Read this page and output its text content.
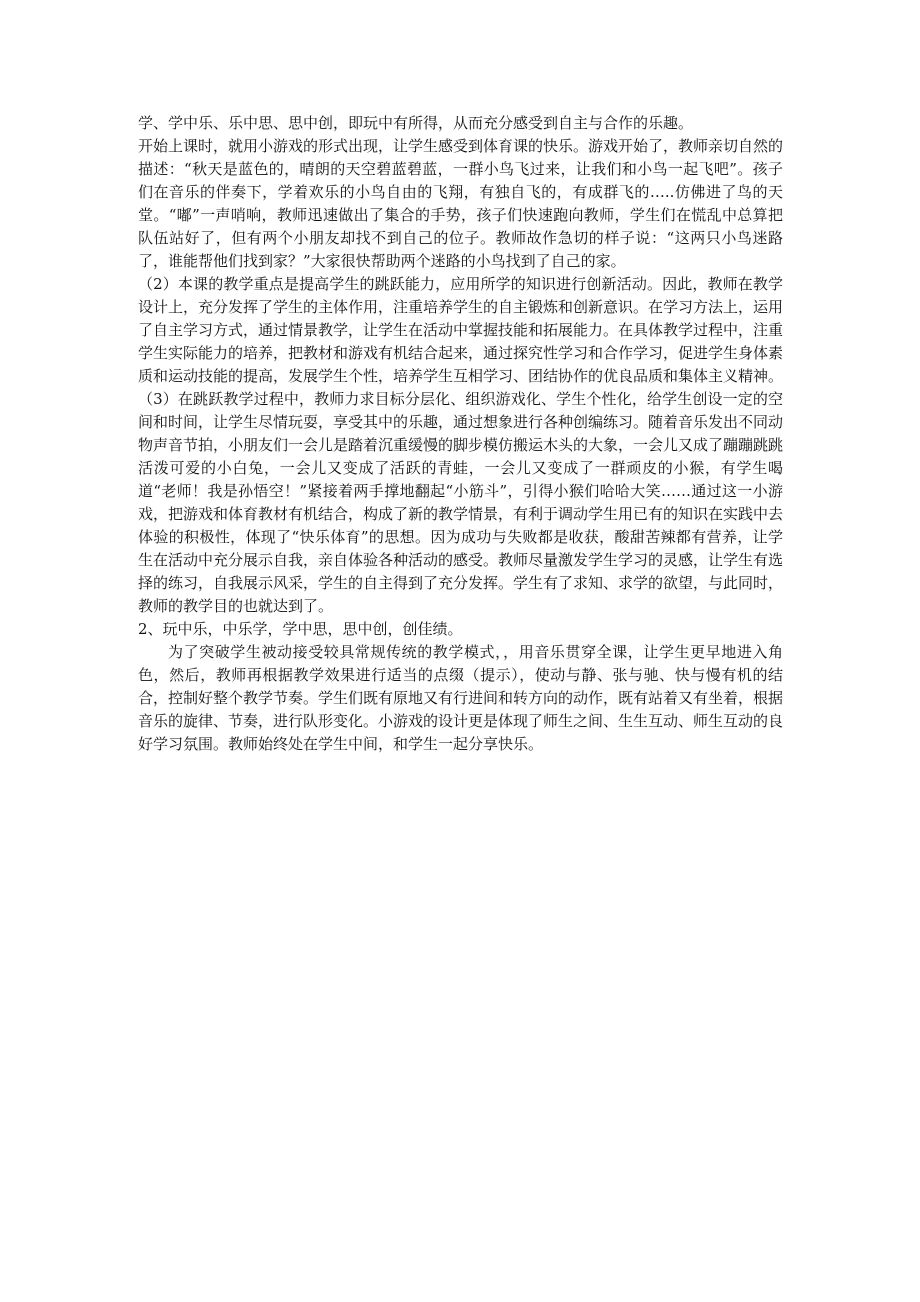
学、学中乐、乐中思、思中创，即玩中有所得，从而充分感受到自主与合作的乐趣。

开始上课时，就用小游戏的形式出现，让学生感受到体育课的快乐。游戏开始了，教师亲切自然的描述：“秋天是蓝色的，晴朗的天空碧蓝碧蓝，一群小鸟飞过来，让我们和小鸟一起飞吧”。孩子们在音乐的伴奏下，学着欢乐的小鸟自由的飞翔，有独自飞的，有成群飞的…..仿佛进了鸟的天堂。“嘟”一声哨响，教师迅速做出了集合的手势，孩子们快速跑向教师，学生们在慌乱中总算把队伍站好了，但有两个小朋友却找不到自己的位子。教师故作急切的样子说：“这两只小鸟迷路了，谁能帮他们找到家？”大家很快帮助两个迷路的小鸟找到了自己的家。

（2）本课的教学重点是提高学生的跳跃能力，应用所学的知识进行创新活动。因此，教师在教学设计上，充分发挥了学生的主体作用，注重培养学生的自主锻炼和创新意识。在学习方法上，运用了自主学习方式，通过情景教学，让学生在活动中掌握技能和拓展能力。在具体教学过程中，注重学生实际能力的培养，把教材和游戏有机结合起来，通过探究性学习和合作学习，促进学生身体素质和运动技能的提高，发展学生个性，培养学生互相学习、团结协作的优良品质和集体主义精神。

（3）在跳跃教学过程中，教师力求目标分层化、组织游戏化、学生个性化，给学生创设一定的空间和时间，让学生尽情玩耍，享受其中的乐趣，通过想象进行各种创编练习。随着音乐发出不同动物声音节拍，小朋友们一会儿是踏着沉重缓慢的脚步模仿搬运木头的大象，一会儿又成了蹦蹦跳跳活泼可爱的小白兔，一会儿又变成了活跃的青蛙，一会儿又变成了一群顽皮的小猴，有学生喝道“老师！我是孙悟空！”紧接着两手撑地翻起“小筋斗”，引得小猴们哈哈大笑……通过这一小游戏，把游戏和体育教材有机结合，构成了新的教学情景，有利于调动学生用已有的知识在实践中去体验的积极性，体现了“快乐体育”的思想。因为成功与失败都是收获，酸甜苦辣都有营养，让学生在活动中充分展示自我，亲自体验各种活动的感受。教师尽量激发学生学习的灵感，让学生有选择的练习，自我展示风采，学生的自主得到了充分发挥。学生有了求知、求学的欲望，与此同时，教师的教学目的也就达到了。

2、玩中乐，中乐学，学中思，思中创，创佳绩。

为了突破学生被动接受较具常规传统的教学模式，，用音乐贯穿全课，让学生更早地进入角色，然后，教师再根据教学效果进行适当的点缀（提示），使动与静、张与驰、快与慢有机的结合，控制好整个教学节奏。学生们既有原地又有行进间和转方向的动作，既有站着又有坐着，根据音乐的旋律、节奏，进行队形变化。小游戏的设计更是体现了师生之间、生生互动、师生互动的良好学习氛围。教师始终处在学生中间，和学生一起分享快乐。
